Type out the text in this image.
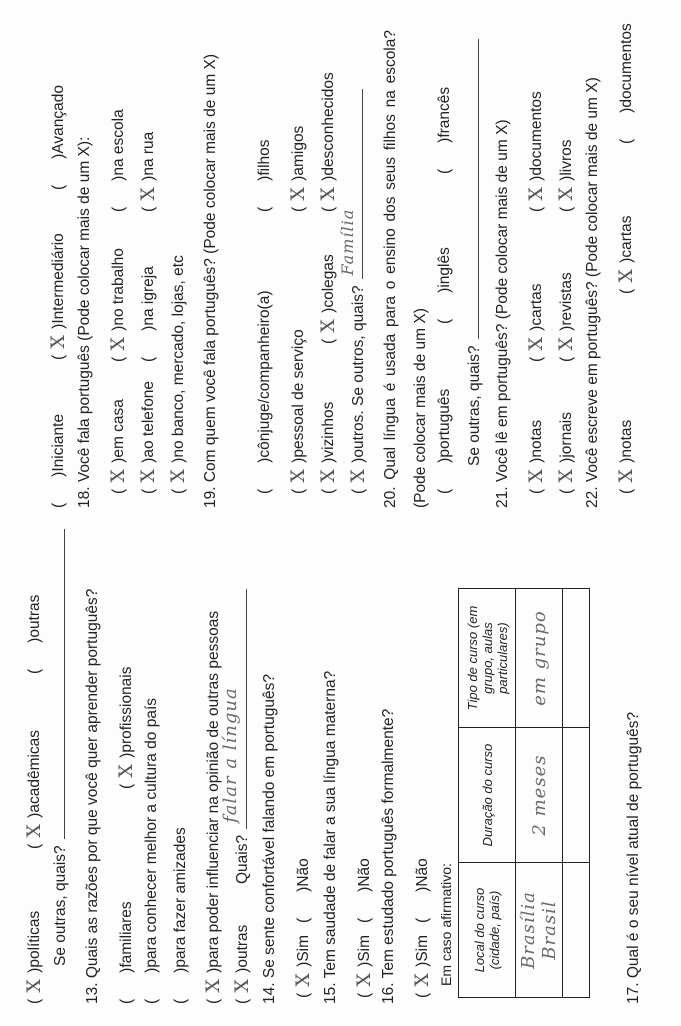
(
X
)
políticas
(
X
)
acadêmicas
(
)
outras
Se outras, quais? 13. Quais as razões por que você quer aprender português? (
)
familiares
(
X
)
profissionais
(
)
para conhecer melhor a cultura do país
(
)
para fazer amizades
(
X
)
para poder influenciar na opinião de outras pessoas
(
X
)
outras
Quais?
falar a língua 14. Se sente confortável falando em português? (
X
)
Sim
(
)
Não 15. Tem saudade de falar a sua língua materna? (
X
)
Sim
(
)
Não 16. Tem estudado português formalmente? (
X
)
Sim
(
)
Não Em caso afirmativo: Local do curso (cidade, país)	Duração do curso	Tipo de curso (em grupo, aulas particulares)
Brasília Brasil	2 meses	em grupo

17. Qual é o seu nível atual de português?
(
)
Iniciante
(
X
)
Intermediário
(
)
Avançado
18. Você fala português (Pode colocar mais de um X): (
X
)
em casa
(
X
)
no trabalho
(
)
na escola
(
X
)
ao telefone
(
)
na igreja
(
X
)
na rua
(
X
)
no banco, mercado, lojas, etc 19. Com quem você fala português? (Pode colocar mais de um X)	(
)
cônjuge/companheiro(a)
(
)
filhos
(
X
)
pessoal de serviço
(
X
)
amigos
(
X
)
vizinhos
(
X
)
colegas
(
X
)
desconhecidos
(
X
)
outros. Se outros, quais?
Família	20. Qual língua é usada para o ensino dos seus filhos na escola? (Pode colocar mais de um X) (
)
português
(
)
inglês
(
)
francês
Se outras, quais? 21. Você lê em português? (Pode colocar mais de um X) (
X
)
notas
(
X
)
cartas
(
X
)
documentos
(
X
)
jornais
(
X
)
revistas
(
X
)
livros 22. Você escreve em português? (Pode colocar mais de um X) (
X
)
notas
(
X
)
cartas
(
)
documentos
